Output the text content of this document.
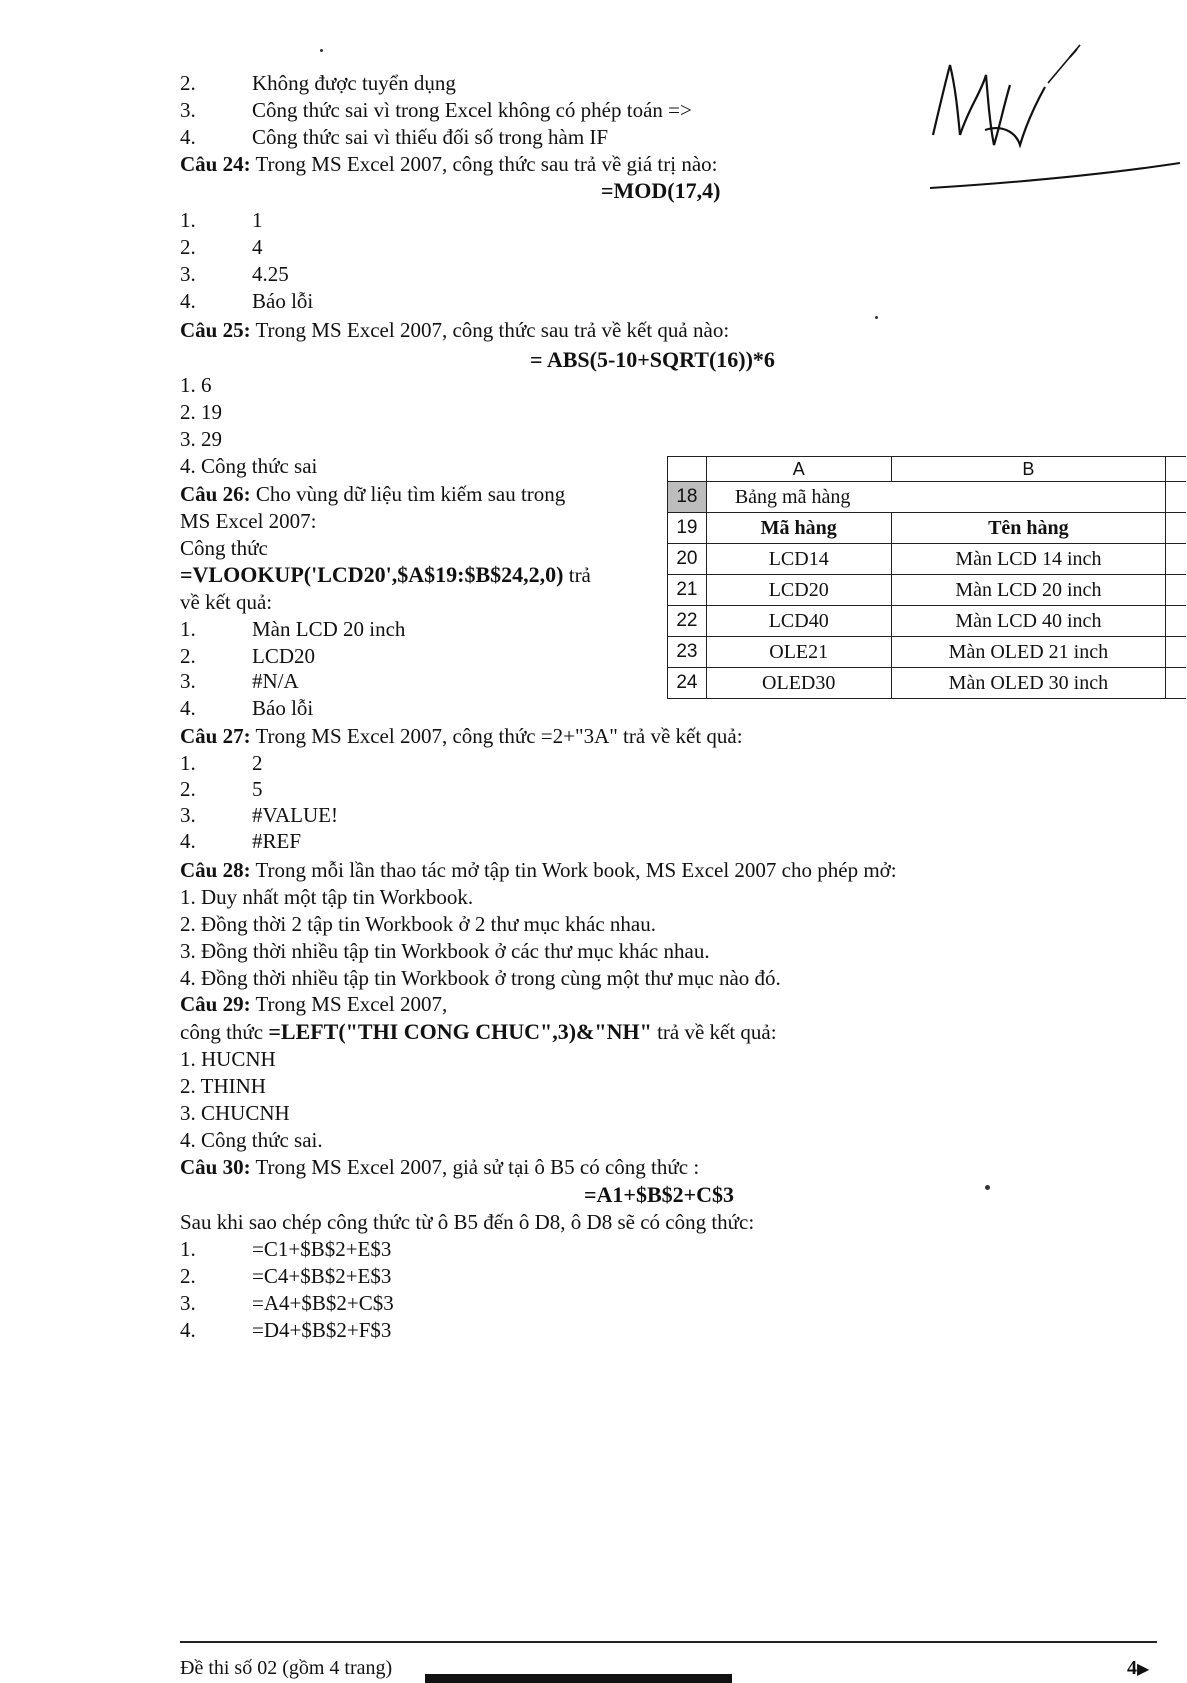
2.	Không được tuyển dụng
3.	Công thức sai vì trong Excel không có phép toán =>
4.	Công thức sai vì thiếu đối số trong hàm IF
Câu 24: Trong MS Excel 2007, công thức sau trả về giá trị nào:
=MOD(17,4)
1.	1
2.	4
3.	4.25
4.	Báo lỗi
Câu 25: Trong MS Excel 2007, công thức sau trả về kết quả nào:
= ABS(5-10+SQRT(16))*6
1. 6
2. 19
3. 29
4. Công thức sai
Câu 26: Cho vùng dữ liệu tìm kiếm sau trong
MS Excel 2007:
Công thức
=VLOOKUP('LCD20',$A$19:$B$24,2,0) trả
về kết quả:
1.	Màn LCD 20 inch
2.	LCD20
3.	#N/A
4.	Báo lỗi
	A	B	
18	Bảng mã hàng		
19	Mã hàng	Tên hàng	
20	LCD14	Màn LCD 14 inch	
21	LCD20	Màn LCD 20 inch	
22	LCD40	Màn LCD 40 inch	
23	OLE21	Màn OLED 21 inch	
24	OLED30	Màn OLED 30 inch	
Câu 27: Trong MS Excel 2007, công thức =2+"3A" trả về kết quả:
1.	2
2.	5
3.	#VALUE!
4.	#REF
Câu 28: Trong mỗi lần thao tác mở tập tin Work book, MS Excel 2007 cho phép mở:
1. Duy nhất một tập tin Workbook.
2. Đồng thời 2 tập tin Workbook ở 2 thư mục khác nhau.
3. Đồng thời nhiều tập tin Workbook ở các thư mục khác nhau.
4. Đồng thời nhiều tập tin Workbook ở trong cùng một thư mục nào đó.
Câu 29: Trong MS Excel 2007,
công thức =LEFT("THI CONG CHUC",3)&"NH" trả về kết quả:
1. HUCNH
2. THINH
3. CHUCNH
4. Công thức sai.
Câu 30: Trong MS Excel 2007, giả sử tại ô B5 có công thức :
=A1+$B$2+C$3
Sau khi sao chép công thức từ ô B5 đến ô D8, ô D8 sẽ có công thức:
1.	=C1+$B$2+E$3
2.	=C4+$B$2+E$3
3.	=A4+$B$2+C$3
4.	=D4+$B$2+F$3
Đề thi số 02 (gồm 4 trang)	4▶
